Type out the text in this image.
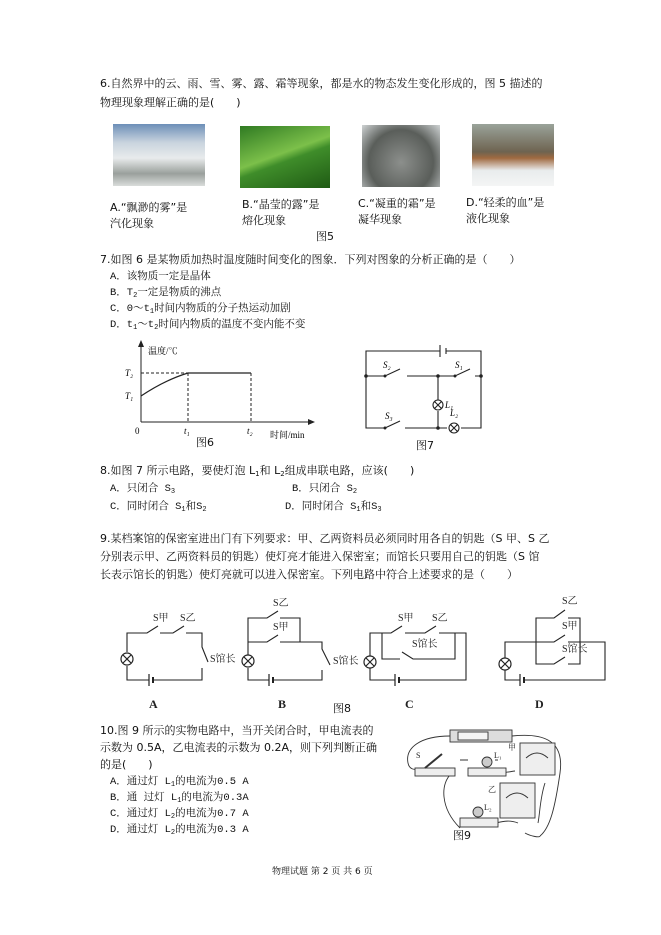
6.自然界中的云、雨、雪、雾、露、霜等现象，都是水的物态发生变化形成的，图 5 描述的
物理现象理解正确的是(　　)
A.“飘渺的雾”是
汽化现象
B.“晶莹的露”是
熔化现象
C.“凝重的霜”是
凝华现象
D.“轻柔的血”是
液化现象
图5
7.如图 6 是某物质加热时温度随时间变化的图象．下列对图象的分析正确的是（　　）
A．该物质一定是晶体
B．$T_2$一定是物质的沸点
C．$0\sim t_1$时间内物质的分子热运动加剧
D．$t_1\sim t_2$时间内物质的温度不变内能不变
温度/℃
T₂
T₁
0	t₁	t₂ 时间/min
图6
S₂	S₁
S₃
L₁
L₂
图7
8.如图 7 所示电路，要使灯泡 $L_1$和 $L_2$组成串联电路，应该(　　)
A．只闭合 $S_3$	B．只闭合 $S_2$
C．同时闭合 $S_1$和$S_2$	D．同时闭合 $S_1$和$S_3$
9.某档案馆的保密室进出门有下列要求：甲、乙两资料员必须同时用各自的钥匙（S 甲、S 乙
分别表示甲、乙两资料员的钥匙）使灯亮才能进入保密室；而馆长只要用自己的钥匙（S 馆
长表示馆长的钥匙）使灯亮就可以进入保密室。下列电路中符合上述要求的是（　　）
S甲 S乙
S馆长
S乙
S甲
S馆长
S甲 S乙
S馆长
S乙
S甲
S馆长
A	B	C	D
图8
10.图 9 所示的实物电路中，当开关闭合时，甲电流表的
示数为 0.5A，乙电流表的示数为 0.2A，则下列判断正确
的是(　　)
A．通过灯 $L_1$的电流为0.5 A
B．通 过灯 $L_1$的电流为0.3A
C．通过灯 $L_2$的电流为0.7 A
D．通过灯 $L_2$的电流为0.3 A
S	L₁
L₂
甲
乙
图9
物理试题 第 2 页 共 6 页
